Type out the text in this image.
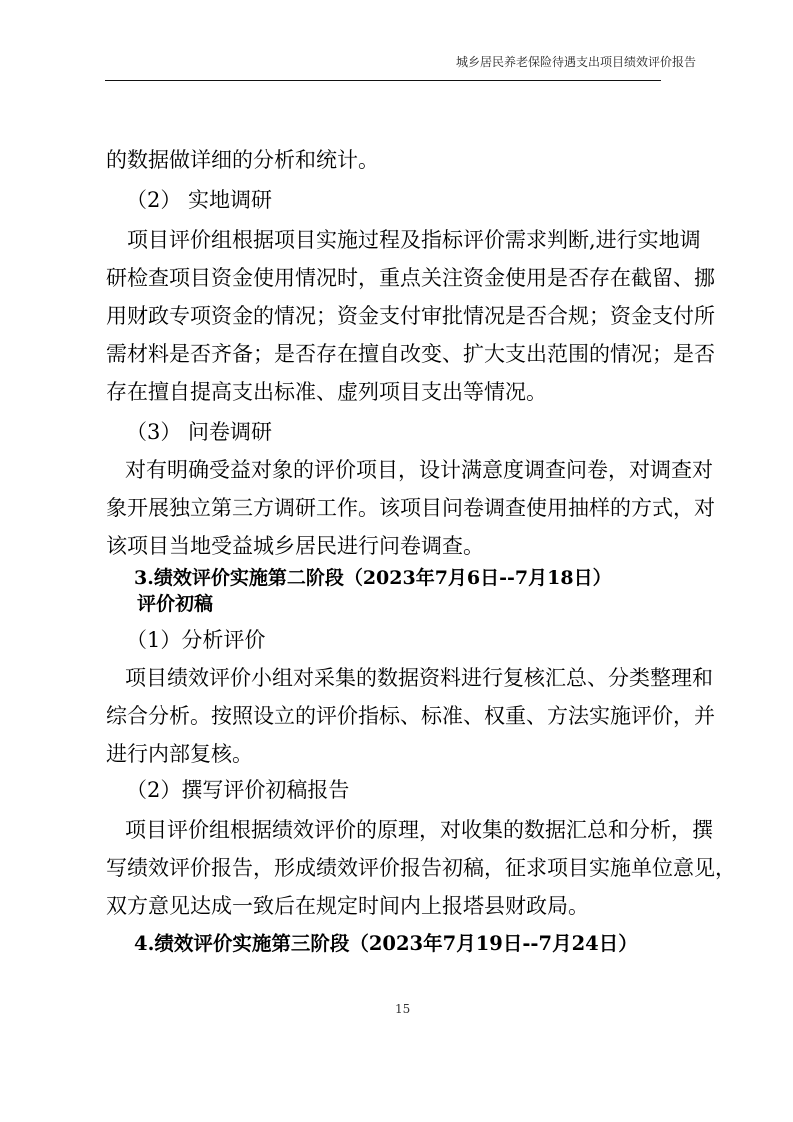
城乡居民养老保险待遇支出项目绩效评价报告
的数据做详细的分析和统计。
（2） 实地调研
项目评价组根据项目实施过程及指标评价需求判断,进行实地调
研检查项目资金使用情况时，重点关注资金使用是否存在截留、挪
用财政专项资金的情况；资金支付审批情况是否合规；资金支付所
需材料是否齐备；是否存在擅自改变、扩大支出范围的情况；是否
存在擅自提高支出标准、虚列项目支出等情况。
（3） 问卷调研
对有明确受益对象的评价项目，设计满意度调查问卷，对调查对
象开展独立第三方调研工作。该项目问卷调查使用抽样的方式，对
该项目当地受益城乡居民进行问卷调查。
3.绩效评价实施第二阶段（2023年7月6日--7月18日）
评价初稿
（1）分析评价
项目绩效评价小组对采集的数据资料进行复核汇总、分类整理和
综合分析。按照设立的评价指标、标准、权重、方法实施评价，并
进行内部复核。
（2）撰写评价初稿报告
项目评价组根据绩效评价的原理，对收集的数据汇总和分析，撰
写绩效评价报告，形成绩效评价报告初稿，征求项目实施单位意见，
双方意见达成一致后在规定时间内上报塔县财政局。
4.绩效评价实施第三阶段（2023年7月19日--7月24日）
15
